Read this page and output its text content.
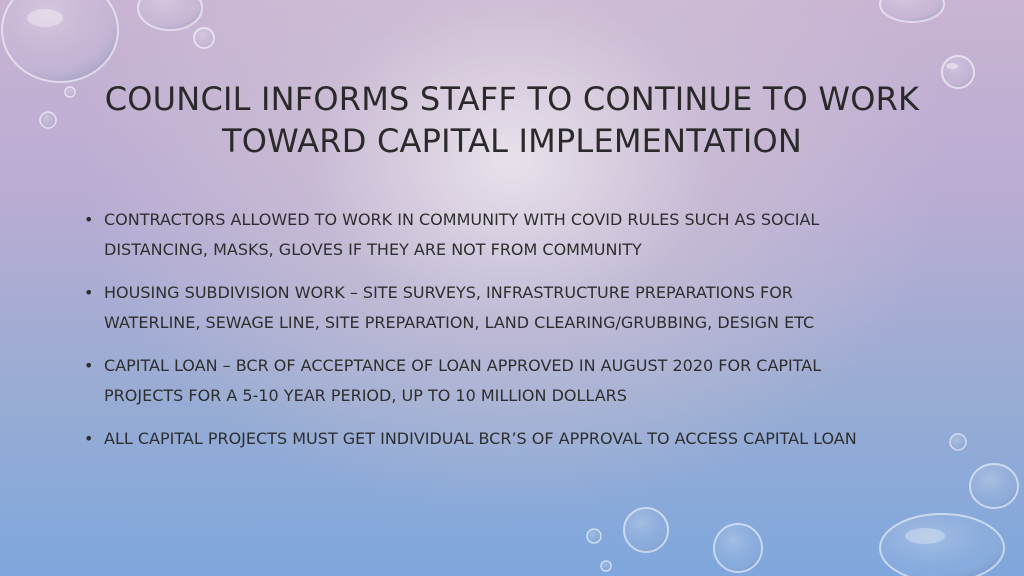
COUNCIL INFORMS STAFF TO CONTINUE TO WORK
TOWARD CAPITAL IMPLEMENTATION
• CONTRACTORS ALLOWED TO WORK IN COMMUNITY WITH COVID RULES SUCH AS SOCIAL
DISTANCING, MASKS, GLOVES IF THEY ARE NOT FROM COMMUNITY
• HOUSING SUBDIVISION WORK – SITE SURVEYS, INFRASTRUCTURE PREPARATIONS FOR
WATERLINE, SEWAGE LINE, SITE PREPARATION, LAND CLEARING/GRUBBING, DESIGN ETC
• CAPITAL LOAN – BCR OF ACCEPTANCE OF LOAN APPROVED IN AUGUST 2020 FOR CAPITAL
PROJECTS FOR A 5-10 YEAR PERIOD, UP TO 10 MILLION DOLLARS
• ALL CAPITAL PROJECTS MUST GET INDIVIDUAL BCR’S OF APPROVAL TO ACCESS CAPITAL LOAN
